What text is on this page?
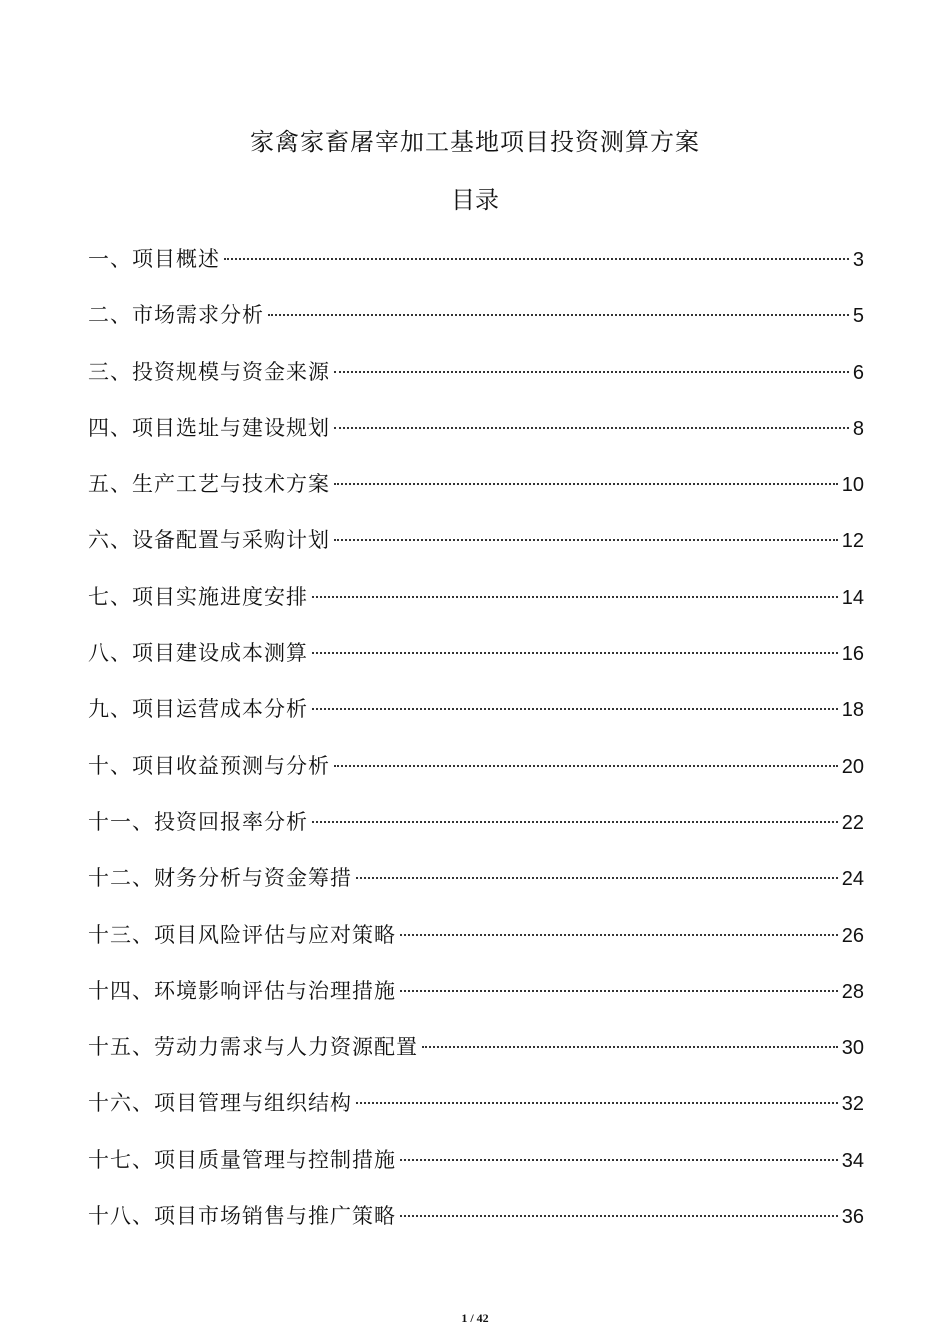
家禽家畜屠宰加工基地项目投资测算方案
目录
一、项目概述	3
二、市场需求分析	5
三、投资规模与资金来源	6
四、项目选址与建设规划	8
五、生产工艺与技术方案	10
六、设备配置与采购计划	12
七、项目实施进度安排	14
八、项目建设成本测算	16
九、项目运营成本分析	18
十、项目收益预测与分析	20
十一、投资回报率分析	22
十二、财务分析与资金筹措	24
十三、项目风险评估与应对策略	26
十四、环境影响评估与治理措施	28
十五、劳动力需求与人力资源配置	30
十六、项目管理与组织结构	32
十七、项目质量管理与控制措施	34
十八、项目市场销售与推广策略	36
1 / 42
